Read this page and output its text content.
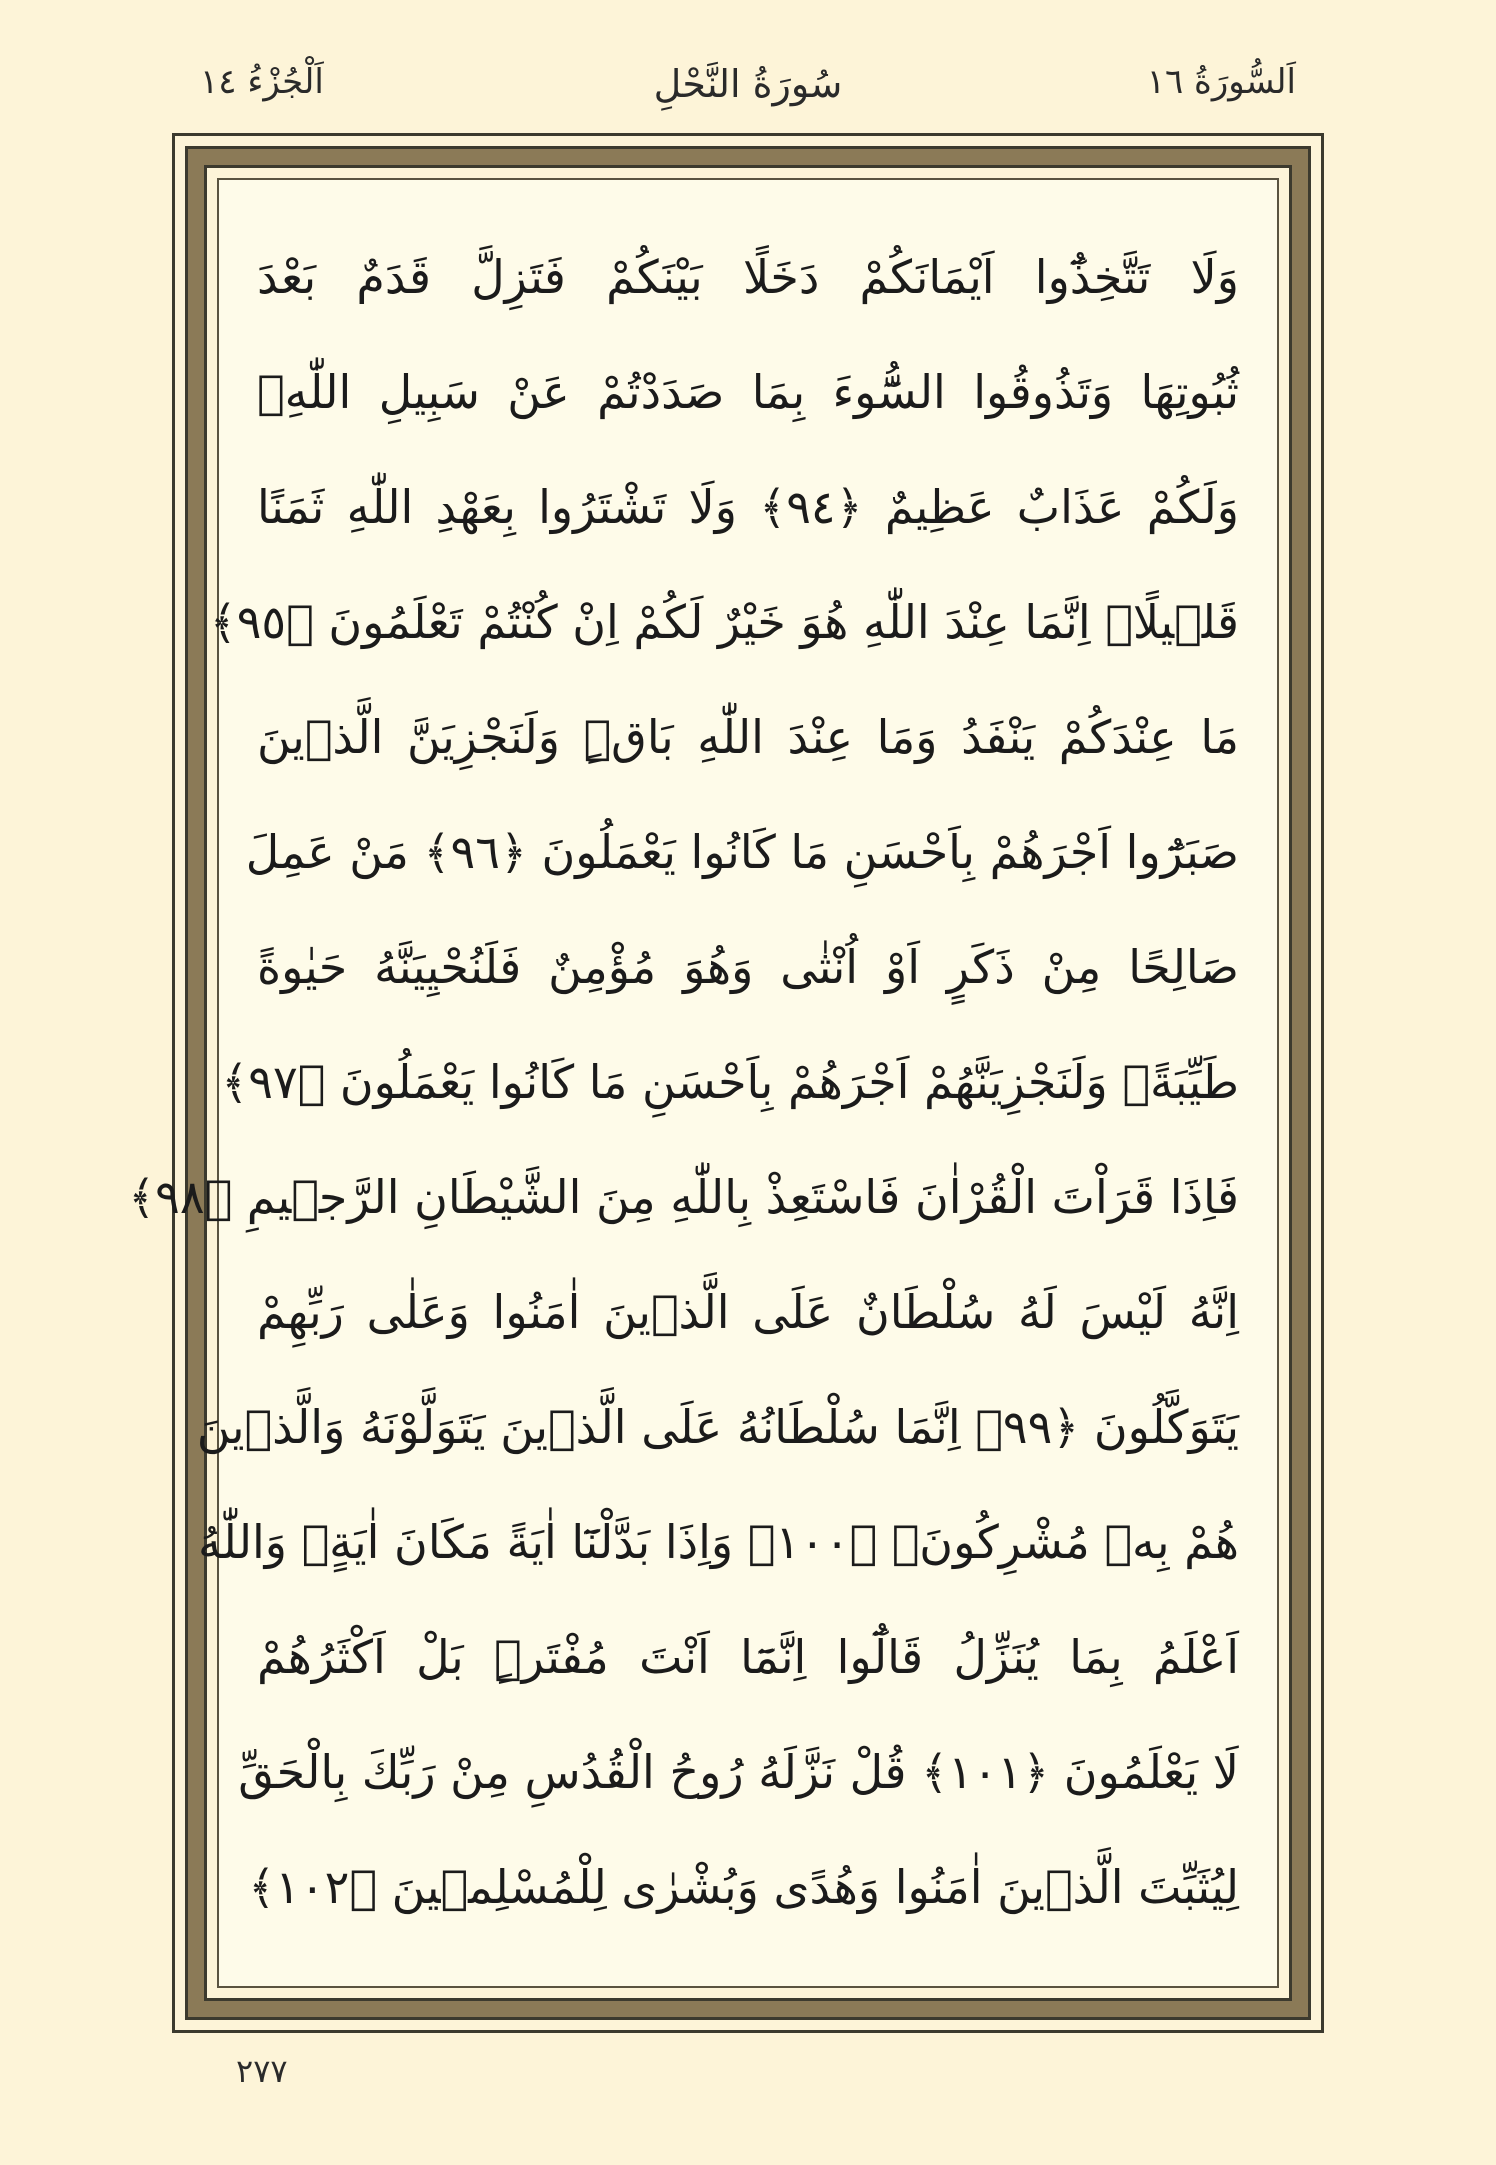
اَلسُّورَةُ ١٦
سُورَةُ النَّحْلِ
اَلْجُزْءُ ١٤
وَلَا تَتَّخِذُٓوا اَيْمَانَكُمْ دَخَلًا بَيْنَكُمْ فَتَزِلَّ قَدَمٌ بَعْدَ
ثُبُوتِهَا وَتَذُوقُوا السُّٓوءَ بِمَا صَدَدْتُمْ عَنْ سَبِيلِ اللّٰهِۚ
وَلَكُمْ عَذَابٌ عَظِيمٌ ﴿٩٤﴾ وَلَا تَشْتَرُوا بِعَهْدِ اللّٰهِ ثَمَنًا
قَل۪يلًاۜ اِنَّمَا عِنْدَ اللّٰهِ هُوَ خَيْرٌ لَكُمْ اِنْ كُنْتُمْ تَعْلَمُونَ ﴿٩٥﴾
مَا عِنْدَكُمْ يَنْفَدُ وَمَا عِنْدَ اللّٰهِ بَاقٍۜ وَلَنَجْزِيَنَّ الَّذ۪ينَ
صَبَرُٓوا اَجْرَهُمْ بِاَحْسَنِ مَا كَانُوا يَعْمَلُونَ ﴿٩٦﴾ مَنْ عَمِلَ
صَالِحًا مِنْ ذَكَرٍ اَوْ اُنْثٰى وَهُوَ مُؤْمِنٌ فَلَنُحْيِيَنَّهُ حَيٰوةً
طَيِّبَةًۚ وَلَنَجْزِيَنَّهُمْ اَجْرَهُمْ بِاَحْسَنِ مَا كَانُوا يَعْمَلُونَ ﴿٩٧﴾
فَاِذَا قَرَاْتَ الْقُرْاٰنَ فَاسْتَعِذْ بِاللّٰهِ مِنَ الشَّيْطَانِ الرَّج۪يمِ ﴿٩٨﴾
اِنَّهُ لَيْسَ لَهُ سُلْطَانٌ عَلَى الَّذ۪ينَ اٰمَنُوا وَعَلٰى رَبِّهِمْ
يَتَوَكَّلُونَ ﴿٩٩﴾ اِنَّمَا سُلْطَانُهُ عَلَى الَّذ۪ينَ يَتَوَلَّوْنَهُ وَالَّذ۪ينَ
هُمْ بِه۪ مُشْرِكُونَ۟ ﴿١٠٠﴾ وَاِذَا بَدَّلْنَٓا اٰيَةً مَكَانَ اٰيَةٍۙ وَاللّٰهُ
اَعْلَمُ بِمَا يُنَزِّلُ قَالُٓوا اِنَّمَٓا اَنْتَ مُفْتَرٍۜ بَلْ اَكْثَرُهُمْ
لَا يَعْلَمُونَ ﴿١٠١﴾ قُلْ نَزَّلَهُ رُوحُ الْقُدُسِ مِنْ رَبِّكَ بِالْحَقِّ
لِيُثَبِّتَ الَّذ۪ينَ اٰمَنُوا وَهُدًى وَبُشْرٰى لِلْمُسْلِم۪ينَ ﴿١٠٢﴾
٢٧٧
